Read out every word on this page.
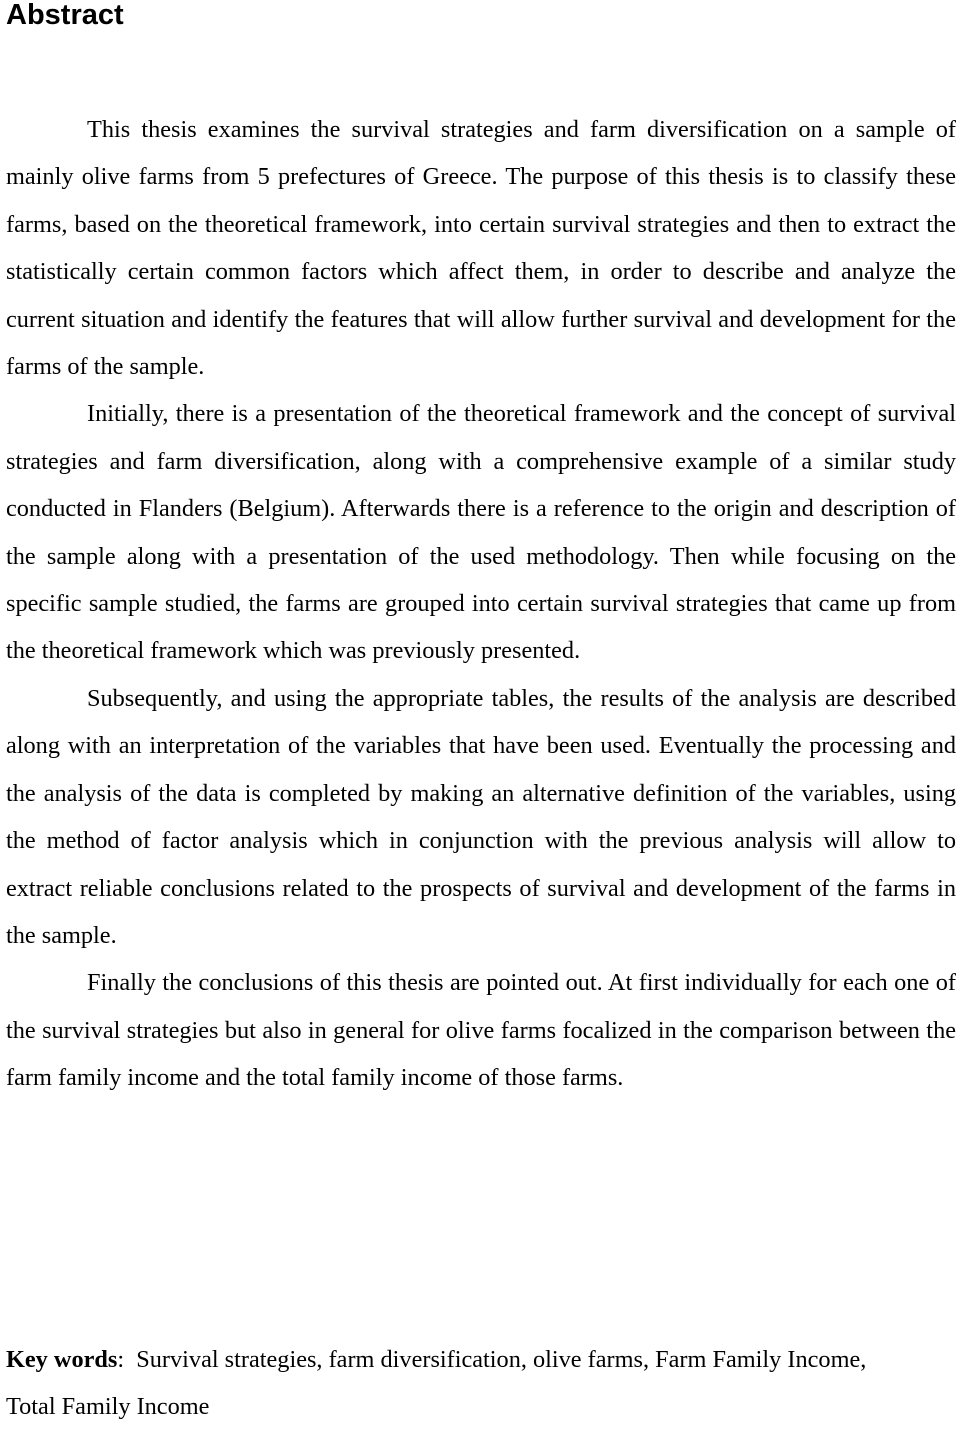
Abstract

This thesis examines the survival strategies and farm diversification on a sample of mainly olive farms from 5 prefectures of Greece. The purpose of this thesis is to classify these farms, based on the theoretical framework, into certain survival strategies and then to extract the statistically certain common factors which affect them, in order to describe and analyze the current situation and identify the features that will allow further survival and development for the farms of the sample.

Initially, there is a presentation of the theoretical framework and the concept of survival strategies and farm diversification, along with a comprehensive example of a similar study conducted in Flanders (Belgium). Afterwards there is a reference to the origin and description of the sample along with a presentation of the used methodology. Then while focusing on the specific sample studied, the farms are grouped into certain survival strategies that came up from the theoretical framework which was previously presented.

Subsequently, and using the appropriate tables, the results of the analysis are described along with an interpretation of the variables that have been used. Eventually the processing and the analysis of the data is completed by making an alternative definition of the variables, using the method of factor analysis which in conjunction with the previous analysis will allow to extract reliable conclusions related to the prospects of survival and development of the farms in the sample.

Finally the conclusions of this thesis are pointed out. At first individually for each one of the survival strategies but also in general for olive farms focalized in the comparison between the farm family income and the total family income of those farms.

Key words:  Survival strategies, farm diversification, olive farms, Farm Family Income, Total Family Income
